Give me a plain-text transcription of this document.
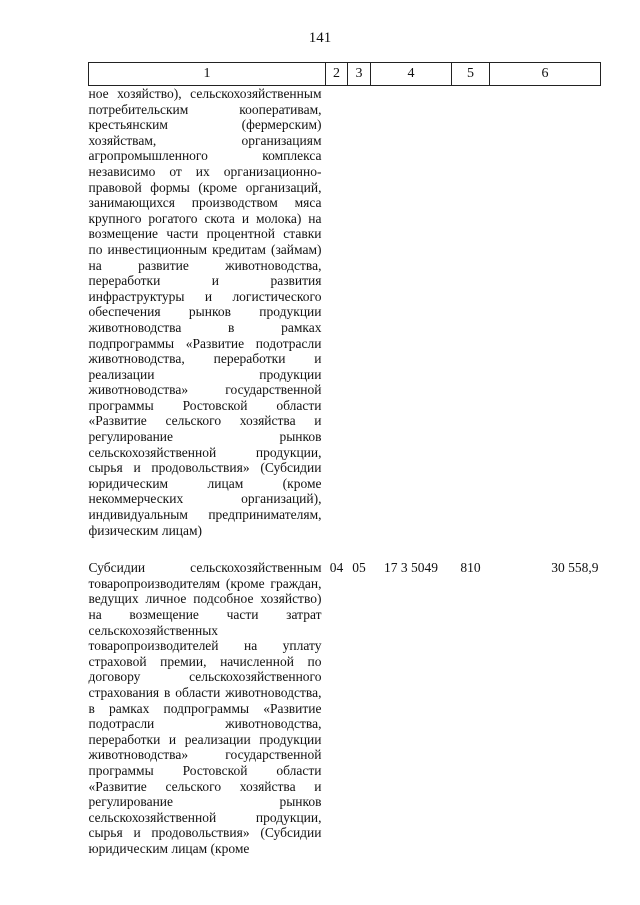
141
1	2	3	4	5	6
ное хозяйство), сельскохозяйственным потребительским кооперативам, крестьянским (фермерским) хозяйствам, организациям агропромышленного комплекса независимо от их организационно-правовой формы (кроме организаций, занимающихся производством мяса крупного рогатого скота и молока) на возмещение части процентной ставки по инвестиционным кредитам (займам) на развитие животноводства, переработки и развития инфраструктуры и логистического обеспечения рынков продукции животноводства в рамках подпрограммы «Развитие подотрасли животноводства, переработки и реализации продукции животноводства» государственной программы Ростовской области «Развитие сельского хозяйства и регулирование рынков сельскохозяйственной продукции, сырья и продовольствия» (Субсидии юридическим лицам (кроме некоммерческих организаций), индивидуальным предпринимателям, физическим лицам)					

Субсидии сельскохозяйственным товаропроизводителям (кроме граждан, ведущих личное подсобное хозяйство) на возмещение части затрат сельскохозяйственных товаропроизводителей на уплату страховой премии, начисленной по договору сельскохозяйственного страхования в области животноводства, в рамках подпрограммы «Развитие подотрасли животноводства, переработки и реализации продукции животноводства» государственной программы Ростовской области «Развитие сельского хозяйства и регулирование рынков сельскохозяйственной продукции, сырья и продовольствия» (Субсидии юридическим лицам (кроме	04	05	17 3 5049	810	30 558,9
